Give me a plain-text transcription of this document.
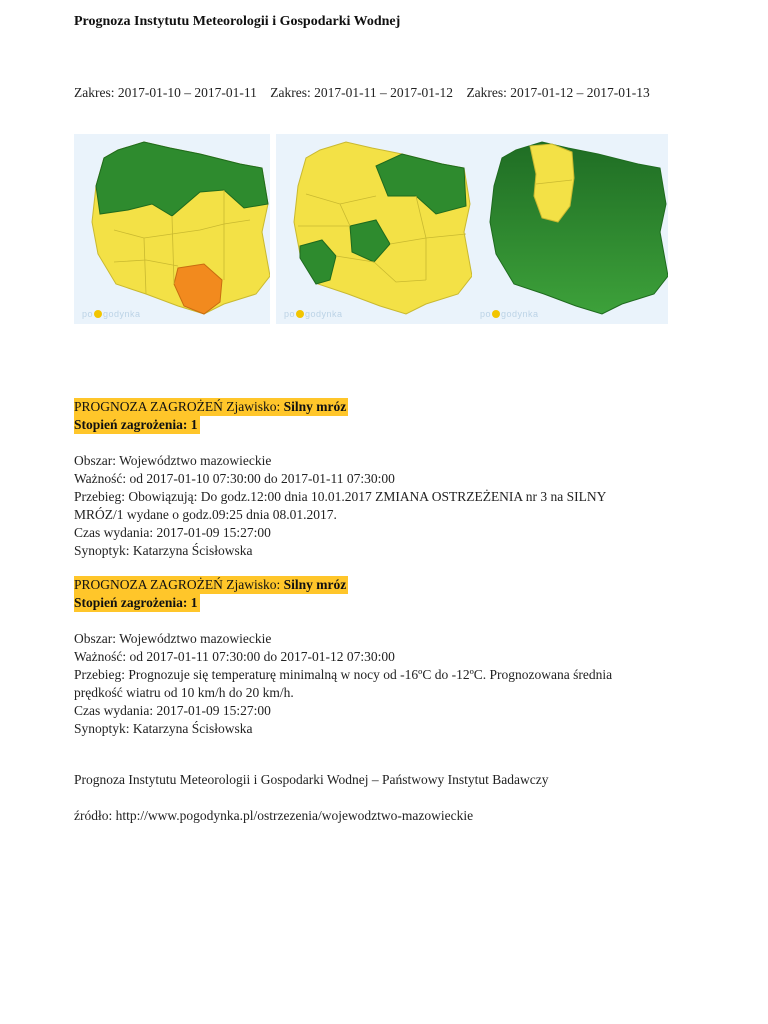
Prognoza Instytutu Meteorologii i Gospodarki Wodnej
Zakres: 2017-01-10 – 2017-01-11 Zakres: 2017-01-11 – 2017-01-12 Zakres: 2017-01-12 – 2017-01-13
po godynka	po godynka	po godynka
PROGNOZA ZAGROŻEŃ Zjawisko: Silny mróz
Stopień zagrożenia: 1

Obszar: Województwo mazowieckie

Ważność: od 2017-01-10 07:30:00 do 2017-01-11 07:30:00

Przebieg: Obowiązują: Do godz.12:00 dnia 10.01.2017 ZMIANA OSTRZEŻENIA nr 3 na SILNY

MRÓZ/1 wydane o godz.09:25 dnia 08.01.2017.

Czas wydania: 2017-01-09 15:27:00

Synoptyk: Katarzyna Ścisłowska

PROGNOZA ZAGROŻEŃ Zjawisko: Silny mróz
Stopień zagrożenia: 1

Obszar: Województwo mazowieckie

Ważność: od 2017-01-11 07:30:00 do 2017-01-12 07:30:00

Przebieg: Prognozuje się temperaturę minimalną w nocy od -16ºC do -12ºC. Prognozowana średnia

prędkość wiatru od 10 km/h do 20 km/h.

Czas wydania: 2017-01-09 15:27:00

Synoptyk: Katarzyna Ścisłowska

Prognoza Instytutu Meteorologii i Gospodarki Wodnej – Państwowy Instytut Badawczy
źródło: http://www.pogodynka.pl/ostrzezenia/wojewodztwo-mazowieckie
